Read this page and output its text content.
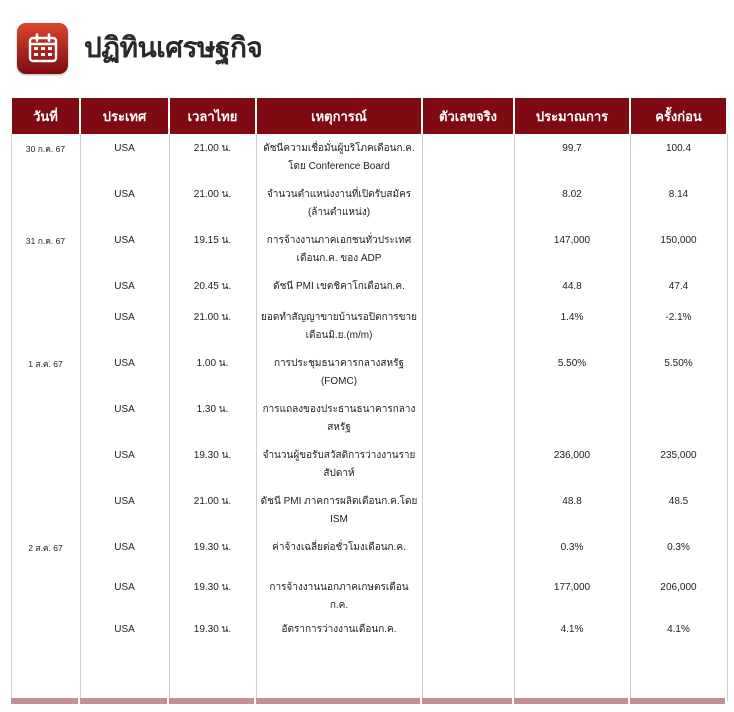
ปฏิทินเศรษฐกิจ
วันที่	ประเทศ	เวลาไทย	เหตุการณ์	ตัวเลขจริง	ประมาณการ	ครั้งก่อน
30 ก.ค. 67	USA	21.00 น.	ดัชนีความเชื่อมั่นผู้บริโภคเดือนก.ค. โดย Conference Board		99.7	100.4
	USA	21.00 น.	จำนวนตำแหน่งงานที่เปิดรับสมัคร (ล้านตำแหน่ง)		8.02	8.14
31 ก.ค. 67	USA	19.15 น.	การจ้างงานภาคเอกชนทั่วประเทศ เดือนก.ค. ของ ADP		147,000	150,000
	USA	20.45 น.	ดัชนี PMI เขตชิคาโกเดือนก.ค.		44.8	47.4
	USA	21.00 น.	ยอดทำสัญญาขายบ้านรอปิดการขาย เดือนมิ.ย.(m/m)		1.4%	-2.1%
1 ส.ค. 67	USA	1.00 น.	การประชุมธนาคารกลางสหรัฐ (FOMC)		5.50%	5.50%
	USA	1.30 น.	การแถลงของประธานธนาคารกลาง สหรัฐ			
	USA	19.30 น.	จำนวนผู้ขอรับสวัสดิการว่างงานราย สัปดาห์		236,000	235,000
	USA	21.00 น.	ดัชนี PMI ภาคการผลิตเดือนก.ค.โดย ISM		48.8	48.5
2 ส.ค. 67	USA	19.30 น.	ค่าจ้างเฉลี่ยต่อชั่วโมงเดือนก.ค.		0.3%	0.3%
	USA	19.30 น.	การจ้างงานนอกภาคเกษตรเดือนก.ค.		177,000	206,000
	USA	19.30 น.	อัตราการว่างงานเดือนก.ค.		4.1%	4.1%
